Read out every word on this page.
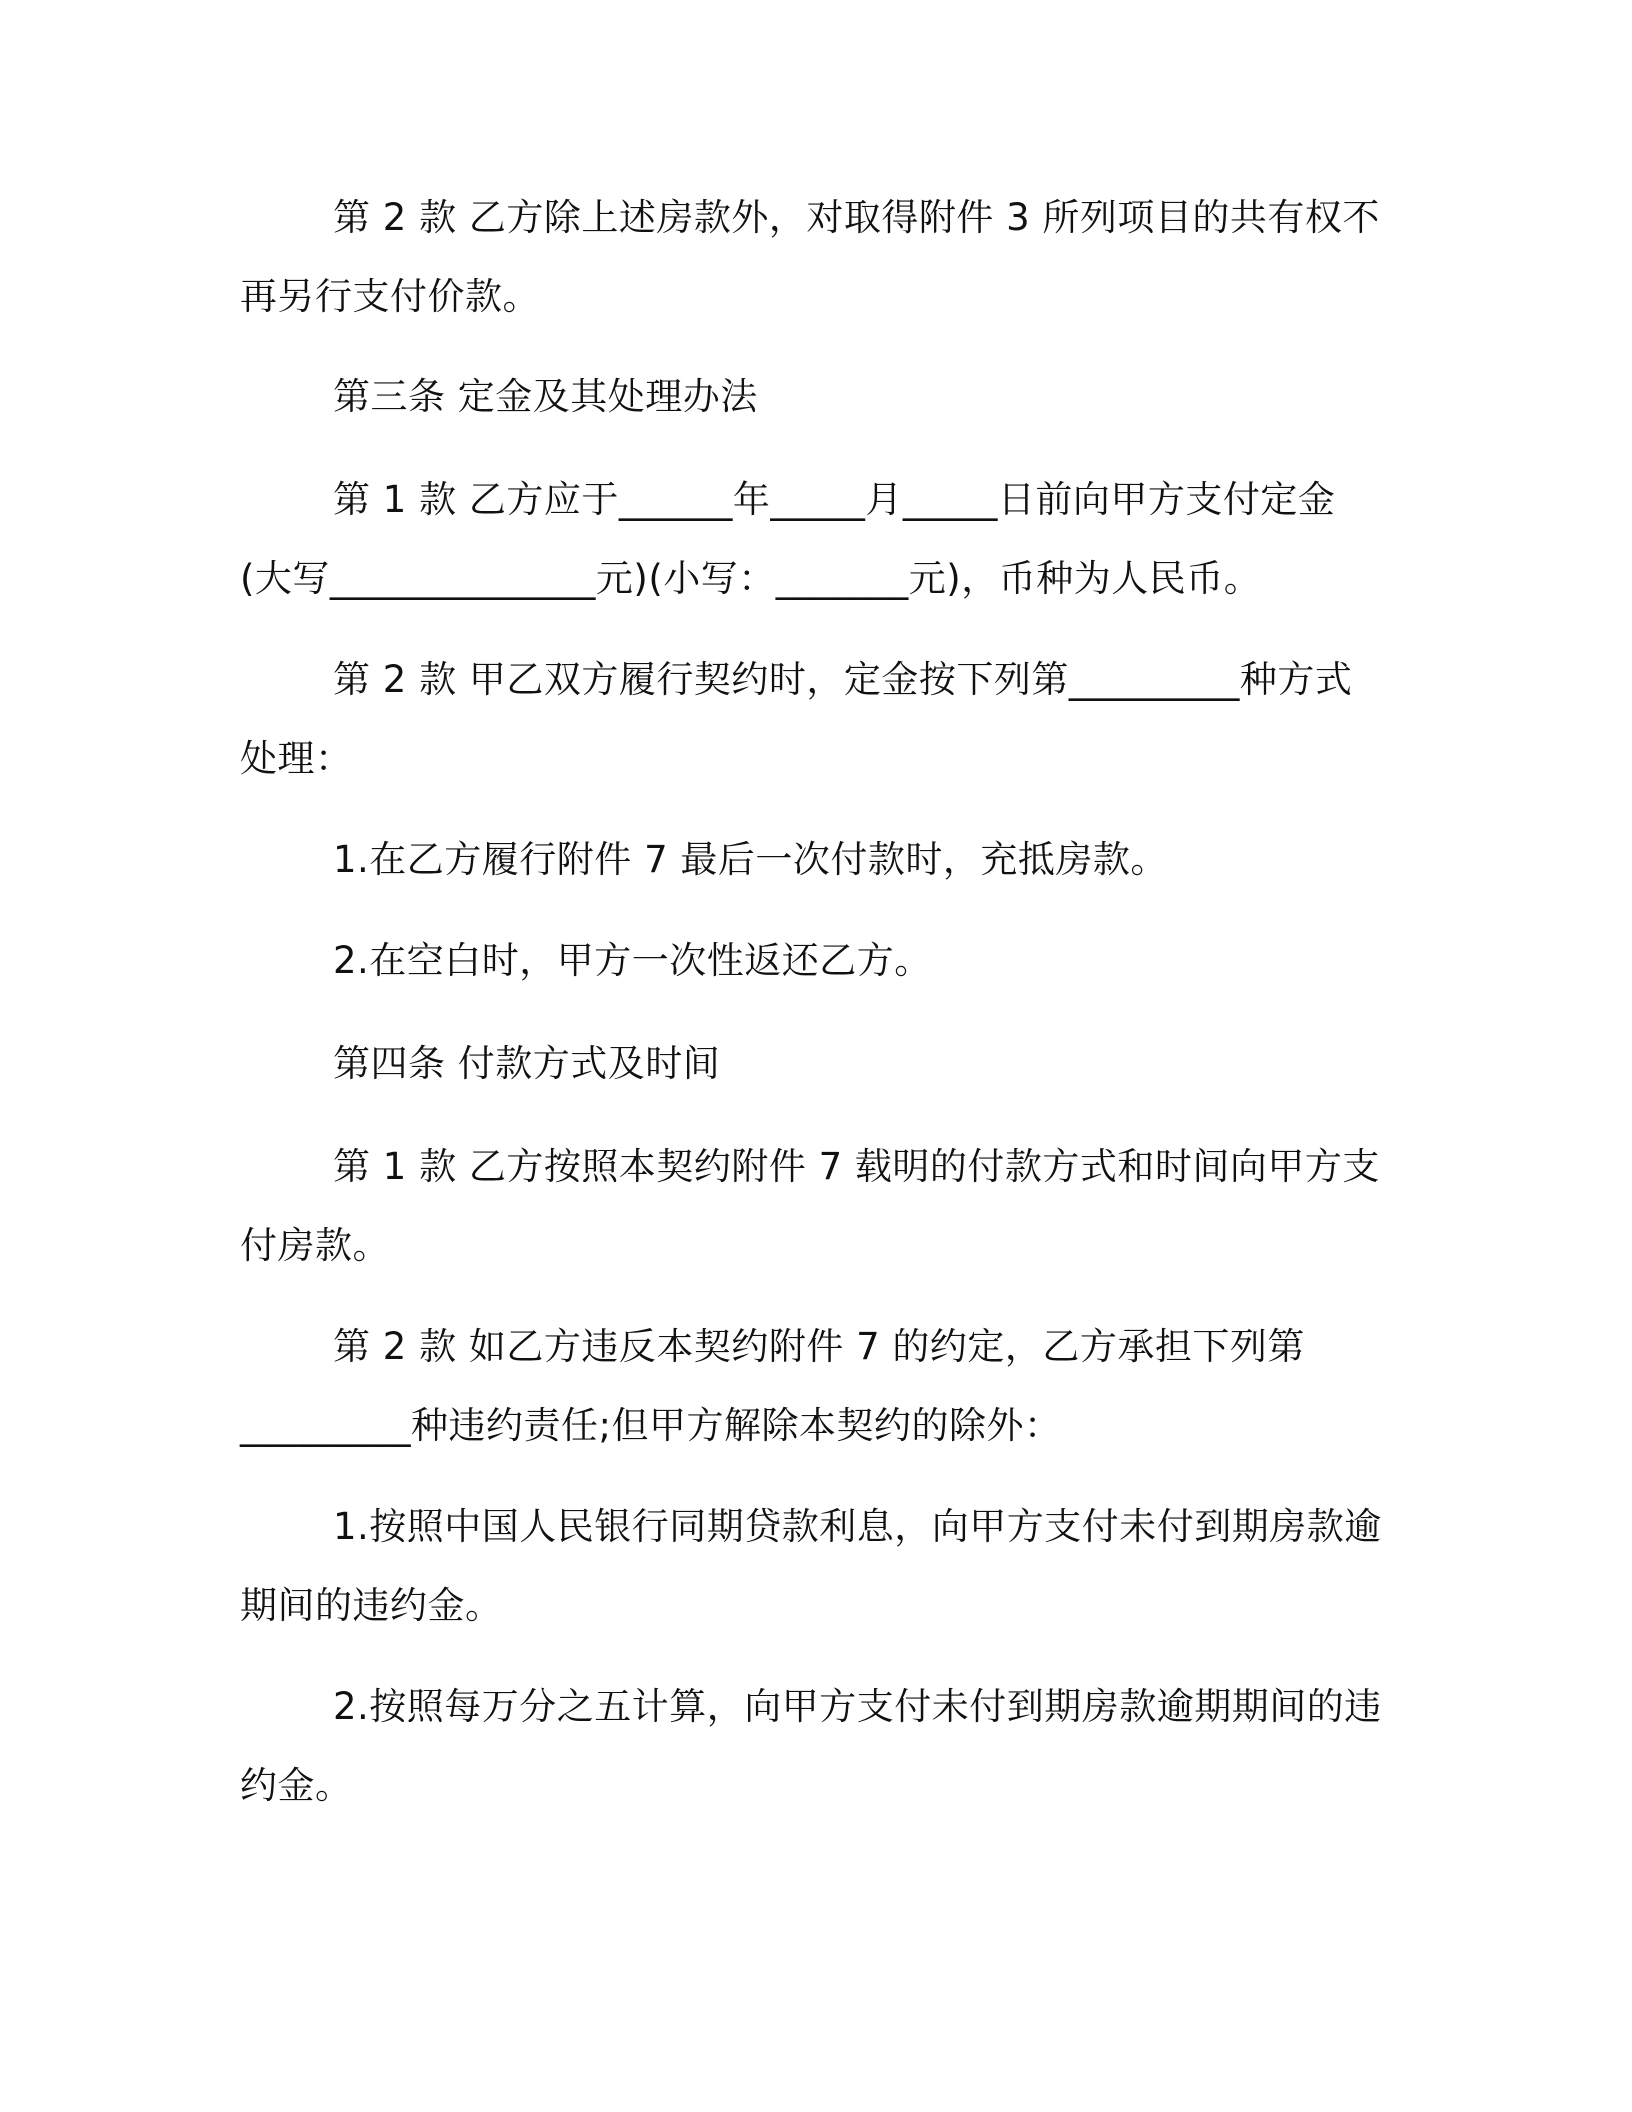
第 2 款 乙方除上述房款外，对取得附件 3 所列项目的共有权不
再另行支付价款。
第三条 定金及其处理办法
第 1 款 乙方应于______年_____月_____日前向甲方支付定金
(大写______________元)(小写：_______元)，币种为人民币。
第 2 款 甲乙双方履行契约时，定金按下列第_________种方式
处理：
1.在乙方履行附件 7 最后一次付款时，充抵房款。
2.在空白时，甲方一次性返还乙方。
第四条 付款方式及时间
第 1 款 乙方按照本契约附件 7 载明的付款方式和时间向甲方支
付房款。
第 2 款 如乙方违反本契约附件 7 的约定，乙方承担下列第
_________种违约责任;但甲方解除本契约的除外：
1.按照中国人民银行同期贷款利息，向甲方支付未付到期房款逾
期间的违约金。
2.按照每万分之五计算，向甲方支付未付到期房款逾期期间的违
约金。
